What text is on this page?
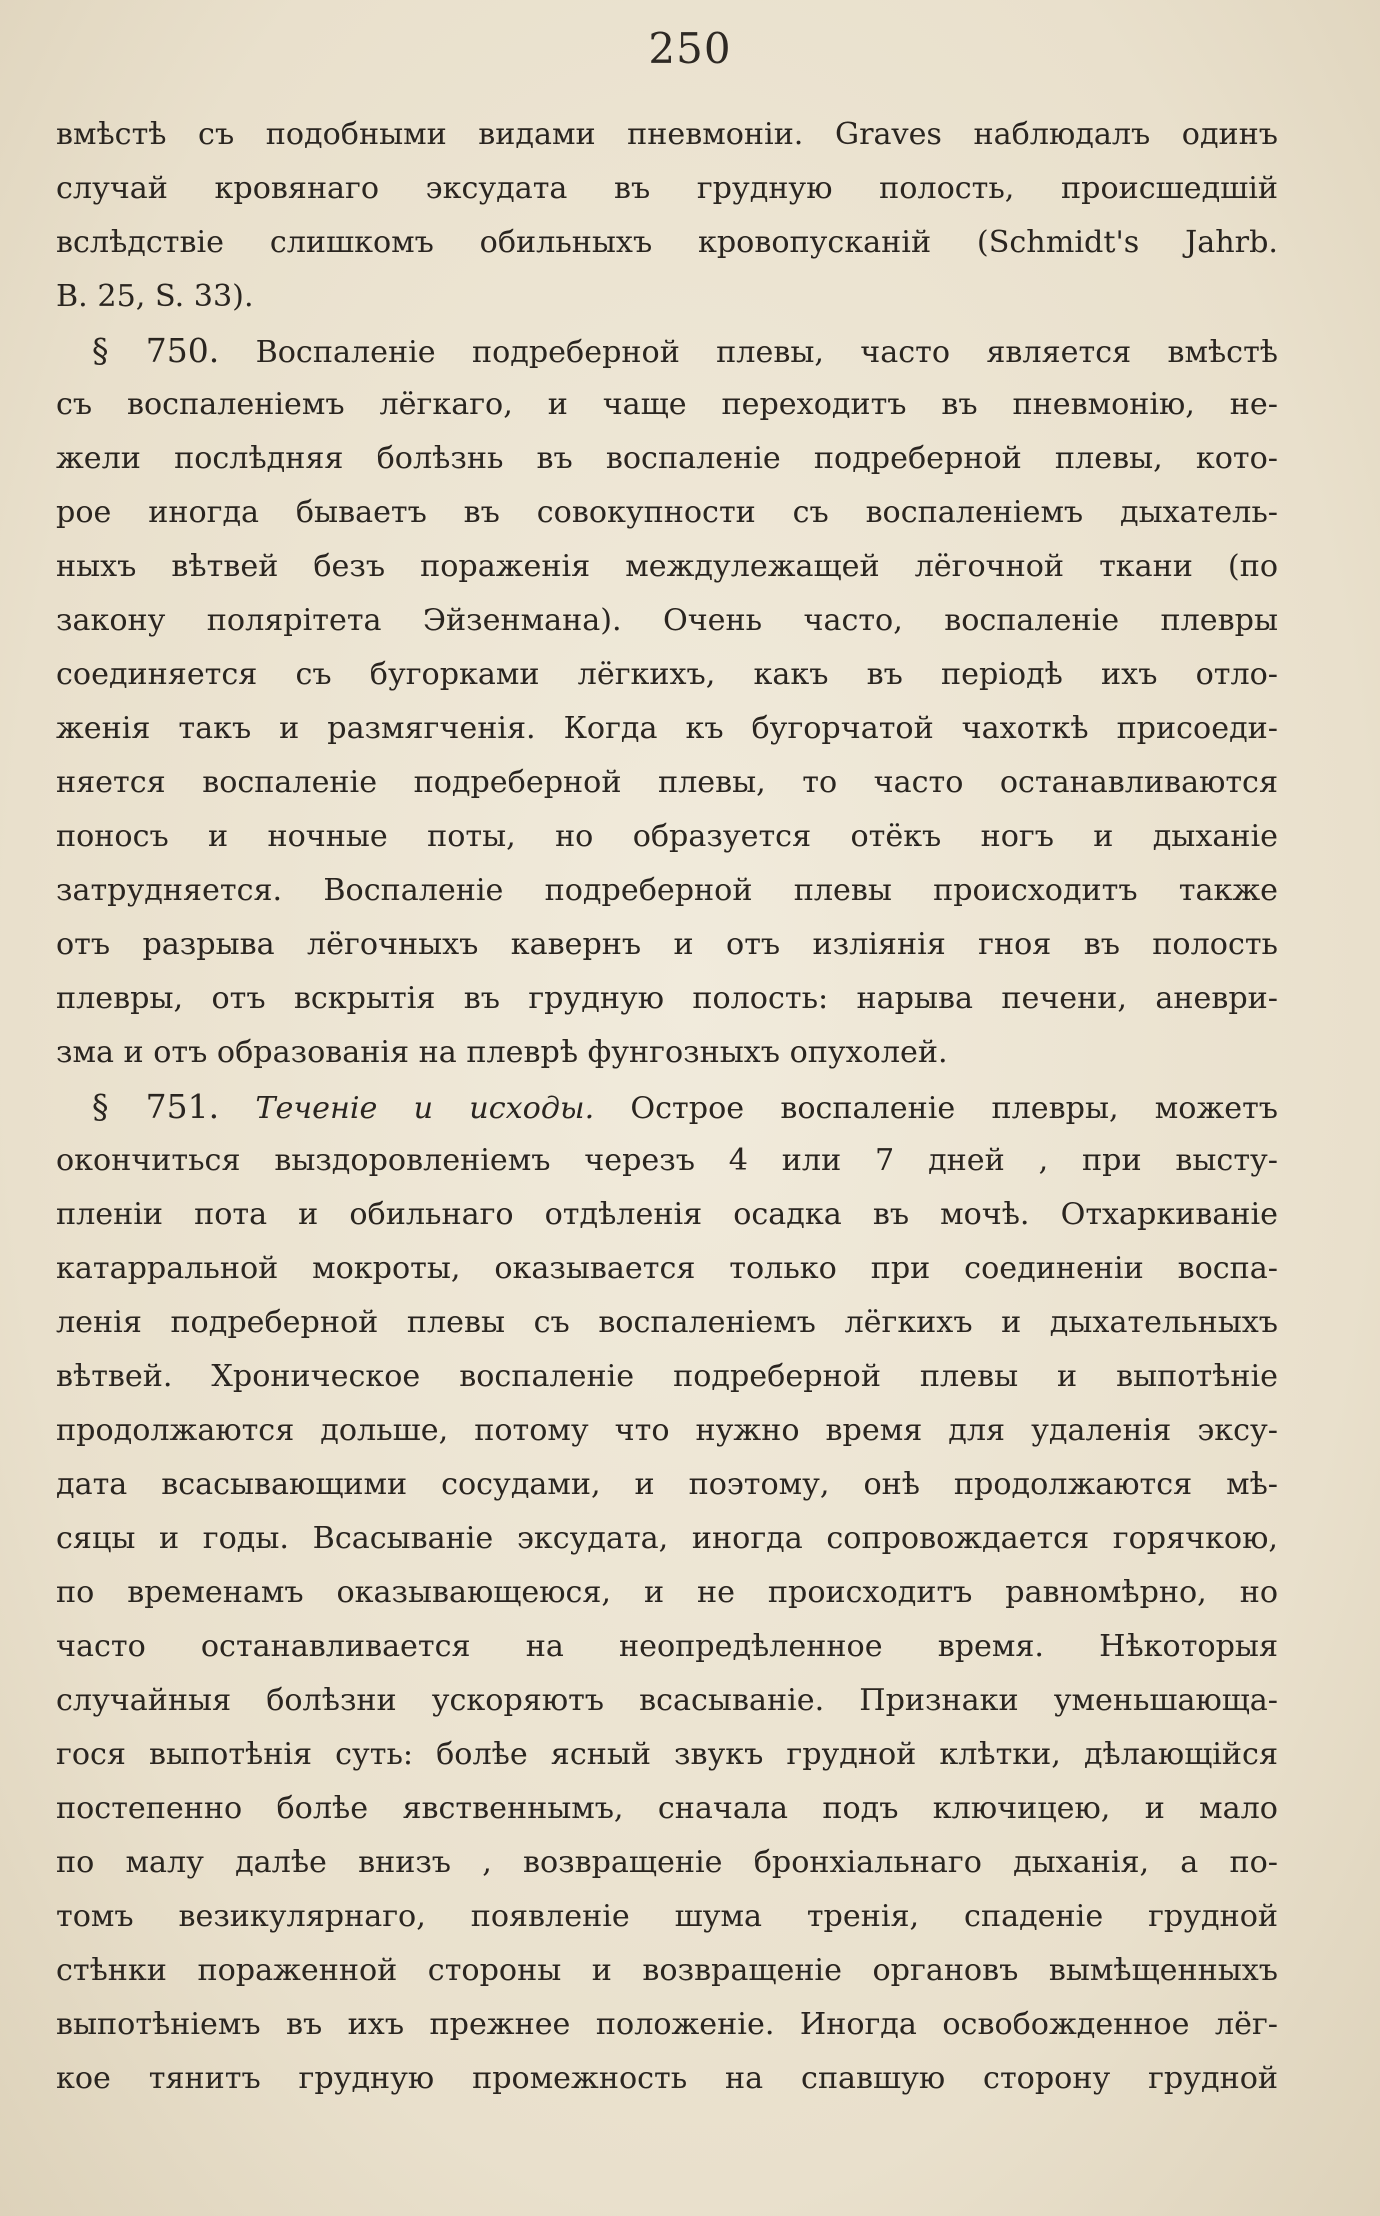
250
вмѣстѣ съ подобными видами пневмоніи. Graves наблюдалъ одинъ
случай кровянаго эксудата въ грудную полость, происшедшій
вслѣдствіе слишкомъ обильныхъ кровопусканій (Schmidt's Jahrb.
B. 25, S. 33).
§ 750. Воспаленіе подреберной плевы, часто является вмѣстѣ
съ воспаленіемъ лёгкаго, и чаще переходитъ въ пневмонію, не-
жели послѣдняя болѣзнь въ воспаленіе подреберной плевы, кото-
рое иногда бываетъ въ совокупности съ воспаленіемъ дыхатель-
ныхъ вѣтвей безъ пораженія междулежащей лёгочной ткани (по
закону полярітета Эйзенмана). Очень часто, воспаленіе плевры
соединяется съ бугорками лёгкихъ, какъ въ періодѣ ихъ отло-
женія такъ и размягченія. Когда къ бугорчатой чахоткѣ присоеди-
няется воспаленіе подреберной плевы, то часто останавливаются
поносъ и ночные поты, но образуется отёкъ ногъ и дыханіе
затрудняется. Воспаленіе подреберной плевы происходитъ также
отъ разрыва лёгочныхъ кавернъ и отъ изліянія гноя въ полость
плевры, отъ вскрытія въ грудную полость: нарыва печени, аневри-
зма и отъ образованія на плеврѣ фунгозныхъ опухолей.
§ 751. Теченіе и исходы. Острое воспаленіе плевры, можетъ
окончиться выздоровленіемъ черезъ 4 или 7 дней , при высту-
пленіи пота и обильнаго отдѣленія осадка въ мочѣ. Отхаркиваніе
катарральной мокроты, оказывается только при соединеніи воспа-
ленія подреберной плевы съ воспаленіемъ лёгкихъ и дыхательныхъ
вѣтвей. Хроническое воспаленіе подреберной плевы и выпотѣніе
продолжаются дольше, потому что нужно время для удаленія эксу-
дата всасывающими сосудами, и поэтому, онѣ продолжаются мѣ-
сяцы и годы. Всасываніе эксудата, иногда сопровождается горячкою,
по временамъ оказывающеюся, и не происходитъ равномѣрно, но
часто останавливается на неопредѣленное время. Нѣкоторыя
случайныя болѣзни ускоряютъ всасываніе. Признаки уменьшающа-
гося выпотѣнія суть: болѣе ясный звукъ грудной клѣтки, дѣлающійся
постепенно болѣе явственнымъ, сначала подъ ключицею, и мало
по малу далѣе внизъ , возвращеніе бронхіальнаго дыханія, а по-
томъ везикулярнаго, появленіе шума тренія, спаденіе грудной
стѣнки пораженной стороны и возвращеніе органовъ вымѣщенныхъ
выпотѣніемъ въ ихъ прежнее положеніе. Иногда освобожденное лёг-
кое тянитъ грудную промежность на спавшую сторону грудной
